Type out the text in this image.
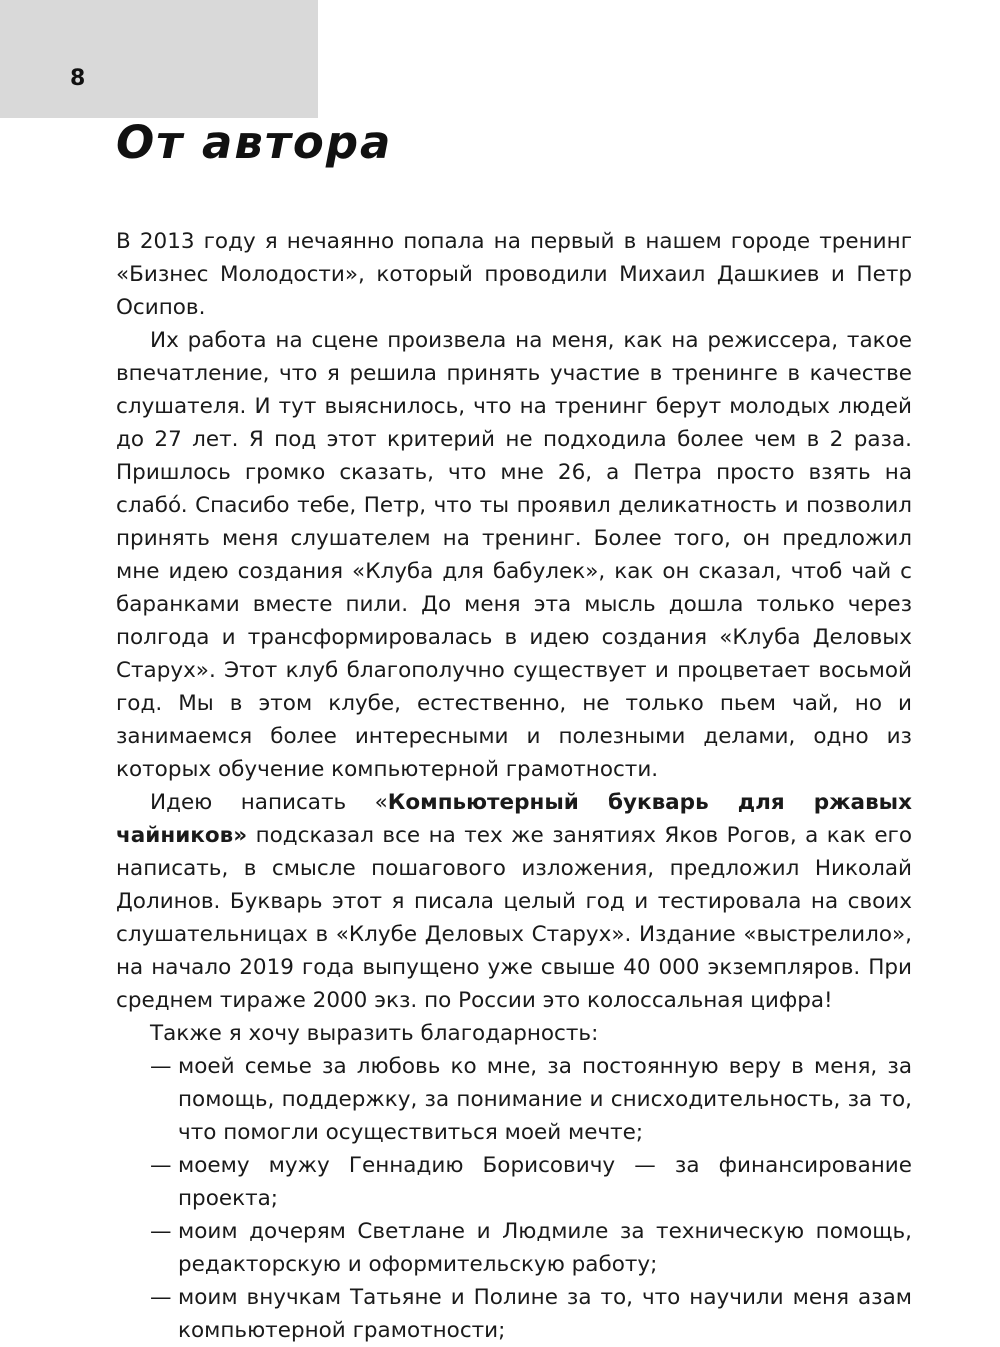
8
От автора

В 2013 году я нечаянно попала на первый в нашем городе тренинг «Бизнес Молодости», который проводили Михаил Дашкиев и Петр Осипов.

Их работа на сцене произвела на меня, как на режиссера, такое впечатление, что я решила принять участие в тренинге в качестве слушателя. И тут выяснилось, что на тренинг берут молодых людей до 27 лет. Я под этот критерий не подходила более чем в 2 раза. Пришлось громко сказать, что мне 26, а Петра просто взять на слабó. Спасибо тебе, Петр, что ты проявил деликатность и позволил принять меня слушателем на тренинг. Более того, он предложил мне идею создания «Клуба для бабулек», как он сказал, чтоб чай с баранками вместе пили. До меня эта мысль дошла только через полгода и трансформировалась в идею создания «Клуба Деловых Старух». Этот клуб благополучно существует и процветает восьмой год. Мы в этом клубе, естественно, не только пьем чай, но и занимаемся более интересными и полезными делами, одно из которых обучение компьютерной грамотности.

Идею написать «Компьютерный букварь для ржавых чайников» подсказал все на тех же занятиях Яков Рогов, а как его написать, в смысле пошагового изложения, предложил Николай Долинов. Букварь этот я писала целый год и тестировала на своих слушательницах в «Клубе Деловых Старух». Издание «выстрелило», на начало 2019 года выпущено уже свыше 40 000 экземпляров. При среднем тираже 2000 экз. по России это колоссальная цифра!

Также я хочу выразить благодарность:

— моей семье за любовь ко мне, за постоянную веру в меня, за помощь, поддержку, за понимание и снисходительность, за то, что помогли осуществиться моей мечте;
— моему мужу Геннадию Борисовичу — за финансирование проекта;
— моим дочерям Светлане и Людмиле за техническую помощь, редакторскую и оформительскую работу;
— моим внучкам Татьяне и Полине за то, что научили меня азам компьютерной грамотности;
